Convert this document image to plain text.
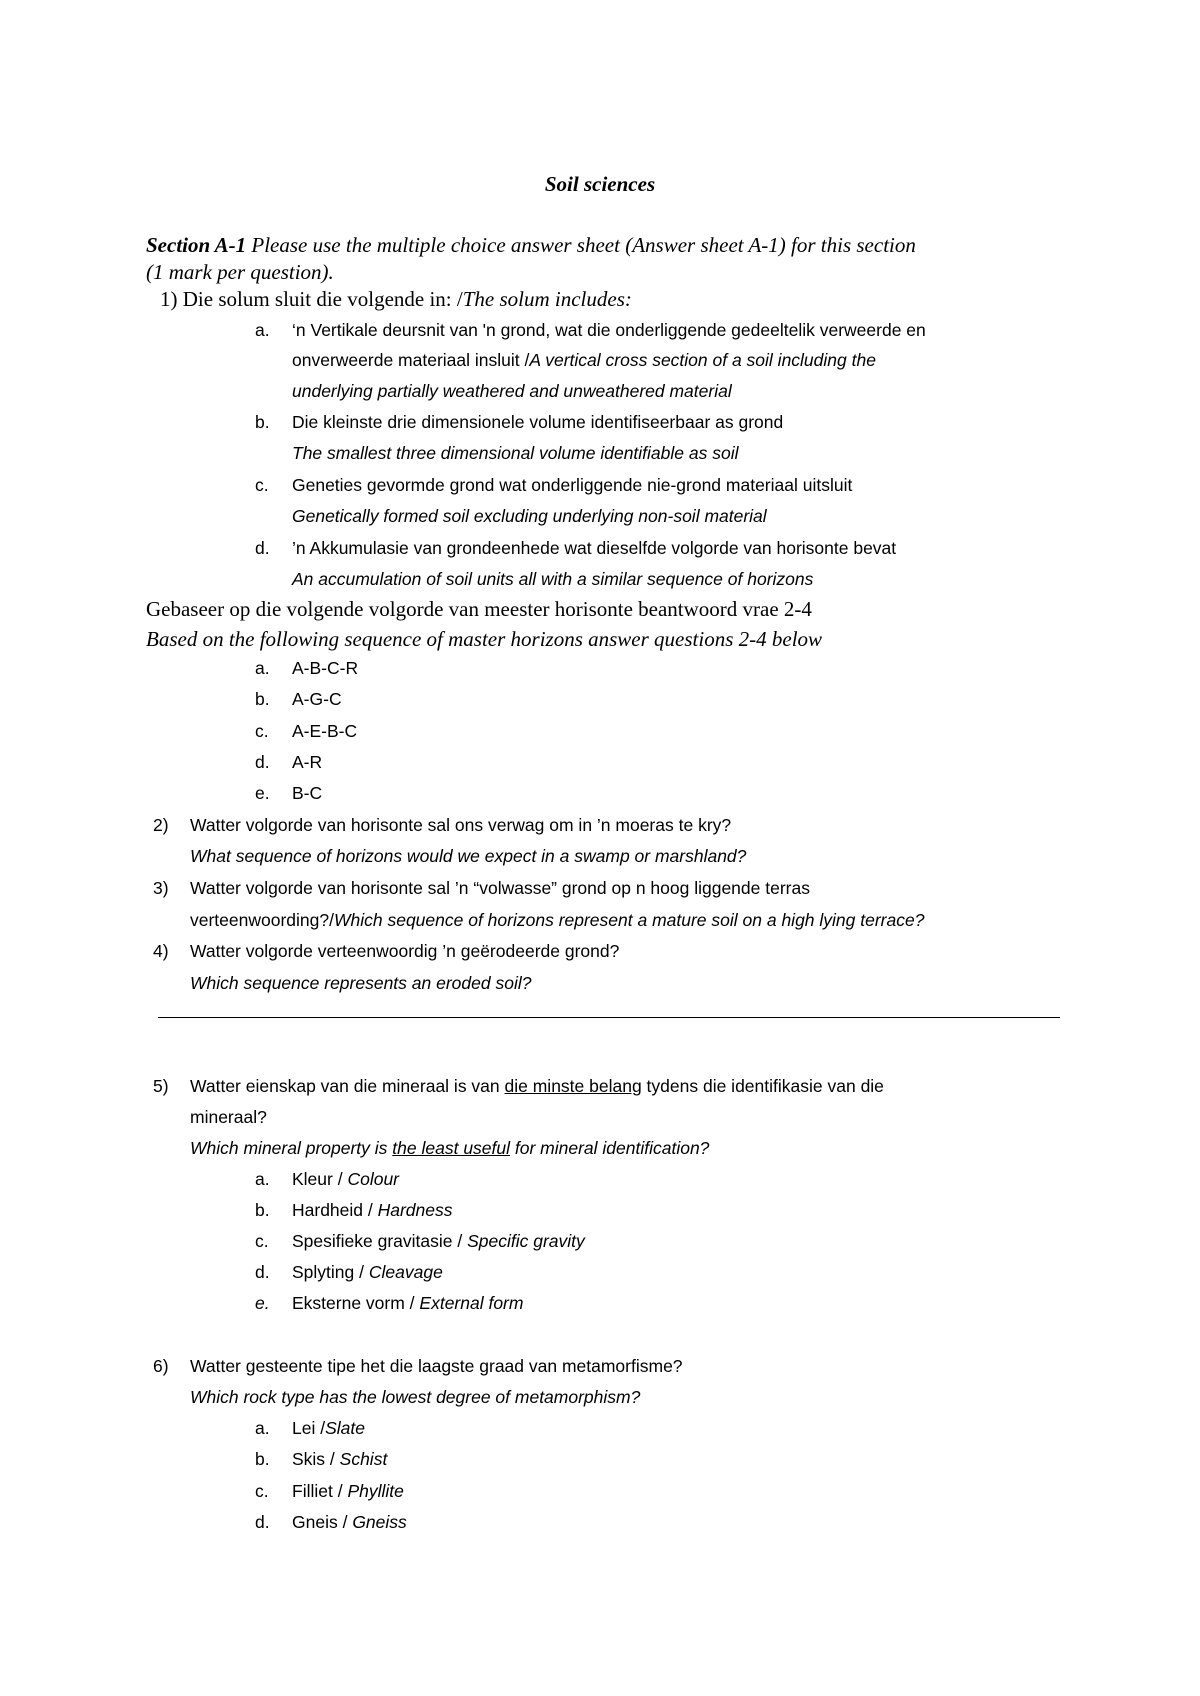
Soil sciences
Section A-1 Please use the multiple choice answer sheet (Answer sheet A-1) for this section
(1 mark per question).
1) Die solum sluit die volgende in: /The solum includes:
a. ‘n Vertikale deursnit van 'n grond, wat die onderliggende gedeeltelik verweerde en
onverweerde materiaal insluit /A vertical cross section of a soil including the
underlying partially weathered and unweathered material
b. Die kleinste drie dimensionele volume identifiseerbaar as grond
The smallest three dimensional volume identifiable as soil
c. Geneties gevormde grond wat onderliggende nie-grond materiaal uitsluit
Genetically formed soil excluding underlying non-soil material
d. ’n Akkumulasie van grondeenhede wat dieselfde volgorde van horisonte bevat
An accumulation of soil units all with a similar sequence of horizons
Gebaseer op die volgende volgorde van meester horisonte beantwoord vrae 2-4
Based on the following sequence of master horizons answer questions 2-4 below
a. A-B-C-R
b. A-G-C
c. A-E-B-C
d. A-R
e. B-C
2) Watter volgorde van horisonte sal ons verwag om in ’n moeras te kry?
What sequence of horizons would we expect in a swamp or marshland?
3) Watter volgorde van horisonte sal ’n “volwasse” grond op n hoog liggende terras
verteenwoording?/Which sequence of horizons represent a mature soil on a high lying terrace?
4) Watter volgorde verteenwoordig ’n geërodeerde grond?
Which sequence represents an eroded soil?
5) Watter eienskap van die mineraal is van die minste belang tydens die identifikasie van die
mineraal?
Which mineral property is the least useful for mineral identification?
a. Kleur / Colour
b. Hardheid / Hardness
c. Spesifieke gravitasie / Specific gravity
d. Splyting / Cleavage
e. Eksterne vorm / External form
6) Watter gesteente tipe het die laagste graad van metamorfisme?
Which rock type has the lowest degree of metamorphism?
a. Lei /Slate
b. Skis / Schist
c. Filliet / Phyllite
d. Gneis / Gneiss
